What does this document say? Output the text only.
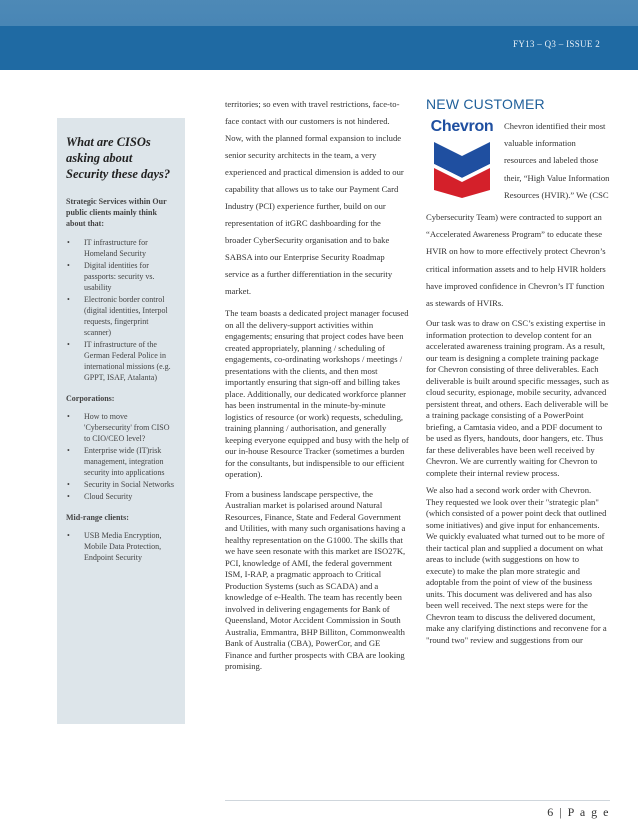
FY13 – Q3 – ISSUE 2
What are CISOs asking about Security these days?
Strategic Services within Our public clients mainly think about that:
• IT infrastructure for Homeland Security
• Digital identities for passports: security vs. usability
• Electronic border control (digital identities, Interpol requests, fingerprint scanner)
• IT infrastructure of the German Federal Police in international missions (e.g. GPPT, ISAF, Atalanta)
Corporations:
• How to move 'Cybersecurity' from CISO to CIO/CEO level?
• Enterprise wide (IT)risk management, integration security into applications
• Security in Social Networks
• Cloud Security
Mid-range clients:
• USB Media Encryption, Mobile Data Protection, Endpoint Security

territories; so even with travel restrictions, face-to-face contact with our customers is not hindered. Now, with the planned formal expansion to include senior security architects in the team, a very experienced and practical dimension is added to our capability that allows us to take our Payment Card Industry (PCI) experience further, build on our representation of itGRC dashboarding for the broader CyberSecurity organisation and to bake SABSA into our Enterprise Security Roadmap service as a further differentiation in the security market.

The team boasts a dedicated project manager focused on all the delivery-support activities within engagements; ensuring that project codes have been created appropriately, planning / scheduling of engagements, co-ordinating workshops / meetings / presentations with the clients, and then most importantly ensuring that sign-off and billing takes place. Additionally, our dedicated workforce planner has been instrumental in the minute-by-minute logistics of resource (or work) requests, scheduling, training planning / authorisation, and generally keeping everyone equipped and busy with the help of our in-house Resource Tracker (sometimes a burden for the consultants, but indispensible to our efficient operation).

From a business landscape perspective, the Australian market is polarised around Natural Resources, Finance, State and Federal Government and Utilities, with many such organisations having a healthy representation on the G1000. The skills that we have seen resonate with this market are ISO27K, PCI, knowledge of AMI, the federal government ISM, I-RAP, a pragmatic approach to Critical Production Systems (such as SCADA) and a knowledge of e-Health. The team has recently been involved in delivering engagements for Bank of Queensland, Motor Accident Commission in South Australia, Emmantra, BHP Billiton, Commonwealth Bank of Australia (CBA), PowerCor, and GE Finance and further prospects with CBA are looking promising.

NEW CUSTOMER
Chevron	Chevron identified their most valuable information resources and labeled those their, “High Value Information Resources (HVIR).” We (CSC

Cybersecurity Team) were contracted to support an “Accelerated Awareness Program” to educate these HVIR on how to more effectively protect Chevron’s critical information assets and to help HVIR holders have improved confidence in Chevron’s IT function as stewards of HVIRs.

Our task was to draw on CSC’s existing expertise in information protection to develop content for an accelerated awareness training program. As a result, our team is designing a complete training package for Chevron consisting of three deliverables. Each deliverable is built around specific messages, such as cloud security, espionage, mobile security, advanced persistent threat, and others. Each deliverable will be a training package consisting of a PowerPoint briefing, a Camtasia video, and a PDF document to be used as flyers, handouts, door hangers, etc. Thus far these deliverables have been well received by Chevron. We are currently waiting for Chevron to complete their internal review process.

We also had a second work order with Chevron. They requested we look over their "strategic plan" (which consisted of a power point deck that outlined some initiatives) and give input for enhancements. We quickly evaluated what turned out to be more of their tactical plan and supplied a document on what areas to include (with suggestions on how to execute) to make the plan more strategic and adoptable from the point of view of the business units. This document was delivered and has also been well received. The next steps were for the Chevron team to discuss the delivered document, make any clarifying distinctions and reconvene for a "round two" review and suggestions from our

6 | P a g e
